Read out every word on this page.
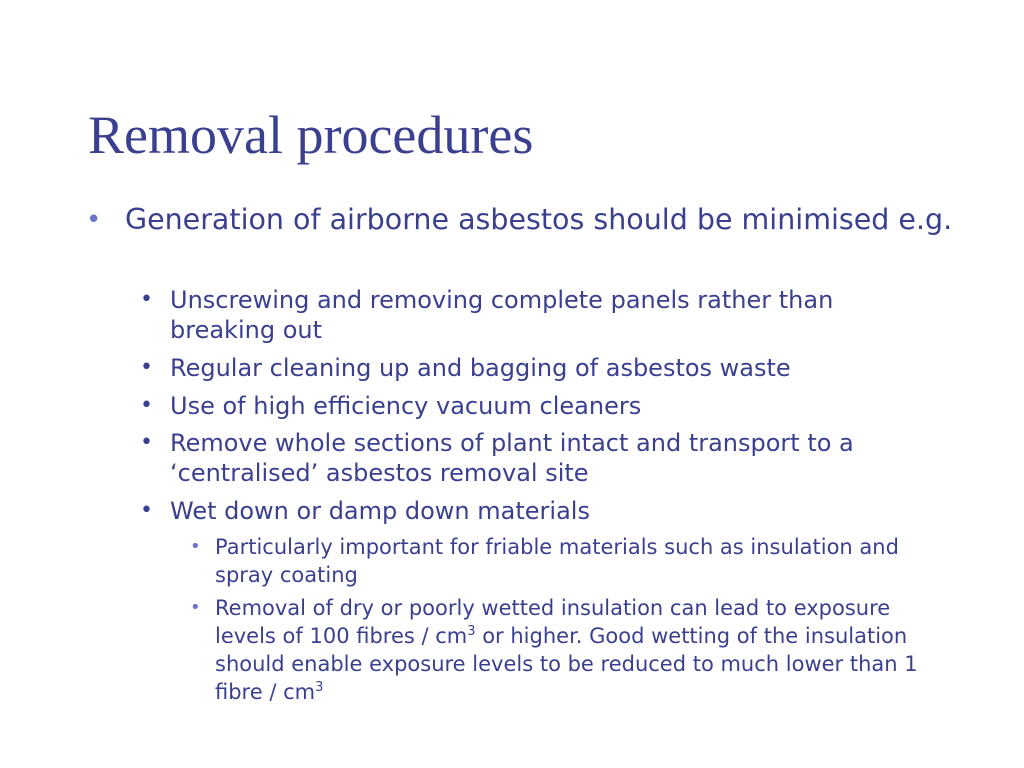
Removal procedures
• Generation of airborne asbestos should be minimised e.g.

• Unscrewing and removing complete panels rather than breaking out

• Regular cleaning up and bagging of asbestos waste

• Use of high efficiency vacuum cleaners

• Remove whole sections of plant intact and transport to a ‘centralised’ asbestos removal site

• Wet down or damp down materials

• Particularly important for friable materials such as insulation and spray coating

• Removal of dry or poorly wetted insulation can lead to exposure levels of 100 fibres / $cm^3$ or higher. Good wetting of the insulation should enable exposure levels to be reduced to much lower than 1 fibre / $cm^3$
